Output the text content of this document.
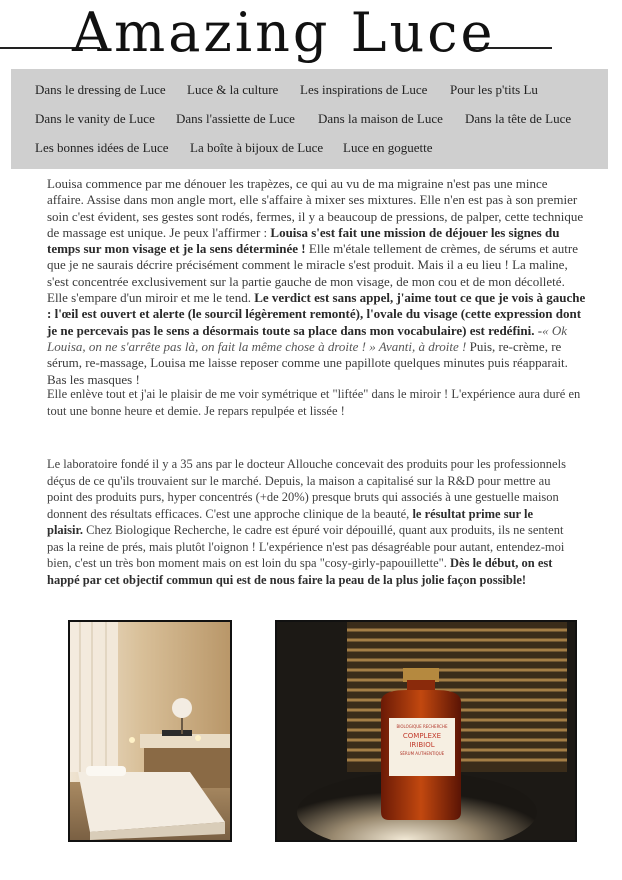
Amazing Luce
Dans le dressing de Luce Luce & la culture Les inspirations de Luce Pour les p'tits Lu
Dans le vanity de Luce Dans l'assiette de Luce Dans la maison de Luce Dans la tête de Luce
Les bonnes idées de Luce La boîte à bijoux de Luce Luce en goguette
Louisa commence par me dénouer les trapèzes, ce qui au vu de ma migraine n'est pas une mince affaire. Assise dans mon angle mort, elle s'affaire à mixer ses mixtures. Elle n'en est pas à son premier soin c'est évident, ses gestes sont rodés, fermes, il y a beaucoup de pressions, de palper, cette technique de massage est unique. Je peux l'affirmer : Louisa s'est fait une mission de déjouer les signes du temps sur mon visage et je la sens déterminée ! Elle m'étale tellement de crèmes, de sérums et autre que je ne saurais décrire précisément comment le miracle s'est produit. Mais il a eu lieu ! La maline, s'est concentrée exclusivement sur la partie gauche de mon visage, de mon cou et de mon décolleté. Elle s'empare d'un miroir et me le tend. Le verdict est sans appel, j'aime tout ce que je vois à gauche : l'œil est ouvert et alerte (le sourcil légèrement remonté), l'ovale du visage (cette expression dont je ne percevais pas le sens a désormais toute sa place dans mon vocabulaire) est redéfini. -« Ok Louisa, on ne s'arrête pas là, on fait la même chose à droite ! » Avanti, à droite ! Puis, re-crème, re sérum, re-massage, Louisa me laisse reposer comme une papillote quelques minutes puis réapparait. Bas les masques !
Elle enlève tout et j'ai le plaisir de me voir symétrique et "liftée" dans le miroir ! L'expérience aura duré en tout une bonne heure et demie. Je repars repulpée et lissée !
Le laboratoire fondé il y a 35 ans par le docteur Allouche concevait des produits pour les professionnels déçus de ce qu'ils trouvaient sur le marché. Depuis, la maison a capitalisé sur la R&D pour mettre au point des produits purs, hyper concentrés (+de 20%) presque bruts qui associés à une gestuelle maison donnent des résultats efficaces. C'est une approche clinique de la beauté, le résultat prime sur le plaisir. Chez Biologique Recherche, le cadre est épuré voir dépouillé, quant aux produits, ils ne sentent pas la reine de prés, mais plutôt l'oignon ! L'expérience n'est pas désagréable pour autant, entendez-moi bien, c'est un très bon moment mais on est loin du spa "cosy-girly-papouillette". Dès le début, on est happé par cet objectif commun qui est de nous faire la peau de la plus jolie façon possible!
BIOLOGIQUE RECHERCHE
COMPLEXE
IRIBIOL
SÉRUM AUTHENTIQUE
